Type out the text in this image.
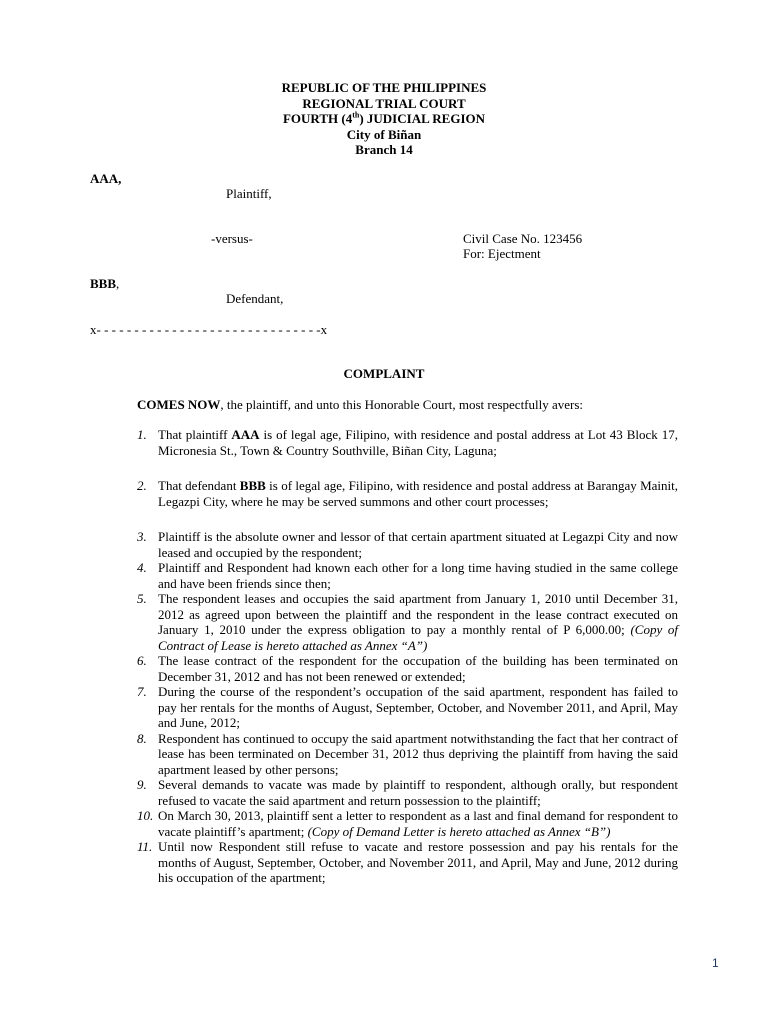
REPUBLIC OF THE PHILIPPINES
REGIONAL TRIAL COURT
FOURTH (4th) JUDICIAL REGION
City of Biñan
Branch 14
AAA,
Plaintiff,
-versus-	Civil Case No. 123456
For: Ejectment
BBB,
Defendant,
x- - - - - - - - - - - - - - - - - - - - - - - - - - - - - -x
COMPLAINT
COMES NOW, the plaintiff, and unto this Honorable Court, most respectfully avers:
1. That plaintiff AAA is of legal age, Filipino, with residence and postal address at Lot 43 Block 17, Micronesia St., Town & Country Southville, Biñan City, Laguna;
2. That defendant BBB is of legal age, Filipino, with residence and postal address at Barangay Mainit, Legazpi City, where he may be served summons and other court processes;
3. Plaintiff is the absolute owner and lessor of that certain apartment situated at Legazpi City and now leased and occupied by the respondent;
4. Plaintiff and Respondent had known each other for a long time having studied in the same college and have been friends since then;
5. The respondent leases and occupies the said apartment from January 1, 2010 until December 31, 2012 as agreed upon between the plaintiff and the respondent in the lease contract executed on January 1, 2010 under the express obligation to pay a monthly rental of P 6,000.00; (Copy of Contract of Lease is hereto attached as Annex “A”)
6. The lease contract of the respondent for the occupation of the building has been terminated on December 31, 2012 and has not been renewed or extended;
7. During the course of the respondent’s occupation of the said apartment, respondent has failed to pay her rentals for the months of August, September, October, and November 2011, and April, May and June, 2012;
8. Respondent has continued to occupy the said apartment notwithstanding the fact that her contract of lease has been terminated on December 31, 2012 thus depriving the plaintiff from having the said apartment leased by other persons;
9. Several demands to vacate was made by plaintiff to respondent, although orally, but respondent refused to vacate the said apartment and return possession to the plaintiff;
10. On March 30, 2013, plaintiff sent a letter to respondent as a last and final demand for respondent to vacate plaintiff’s apartment; (Copy of Demand Letter is hereto attached as Annex “B”)
11. Until now Respondent still refuse to vacate and restore possession and pay his rentals for the months of August, September, October, and November 2011, and April, May and June, 2012 during his occupation of the apartment;
1
